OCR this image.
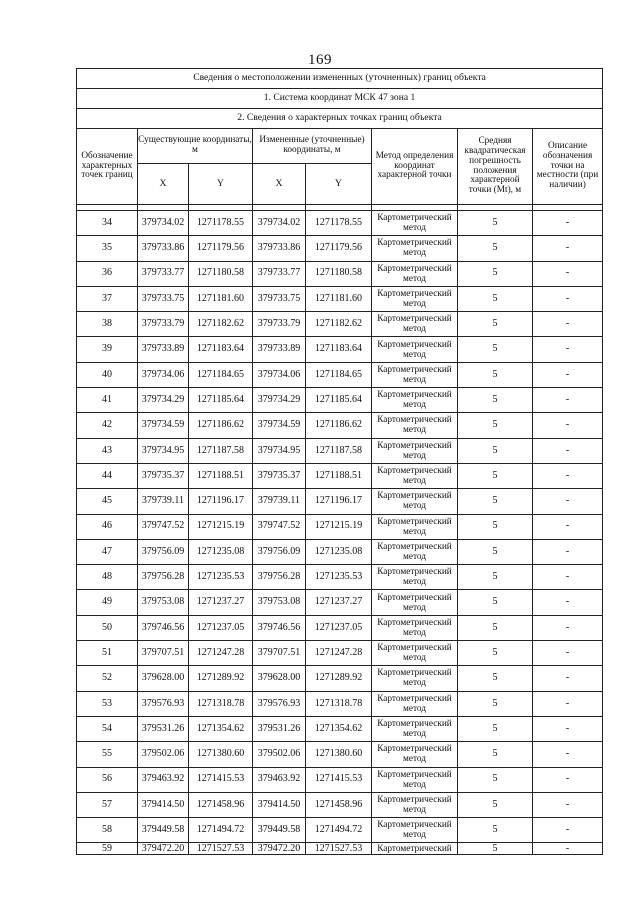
169
Сведения о местоположении измененных (уточненных) границ объекта							
1. Система координат МСК 47 зона 1							
2. Сведения о характерных точках границ объекта							
Обозначение характерных точек границ	Существующие координаты, м		Измененные (уточненные) координаты, м		Метод определения координат характерной точки	Средняя квадратическая погрешность положения характерной точки (Mt), м	Описание обозначения точки на местности (при наличии)
	X	Y	X	Y			

34	379734.02	1271178.55	379734.02	1271178.55	Картометрический метод	5	-
35	379733.86	1271179.56	379733.86	1271179.56	Картометрический метод	5	-
36	379733.77	1271180.58	379733.77	1271180.58	Картометрический метод	5	-
37	379733.75	1271181.60	379733.75	1271181.60	Картометрический метод	5	-
38	379733.79	1271182.62	379733.79	1271182.62	Картометрический метод	5	-
39	379733.89	1271183.64	379733.89	1271183.64	Картометрический метод	5	-
40	379734.06	1271184.65	379734.06	1271184.65	Картометрический метод	5	-
41	379734.29	1271185.64	379734.29	1271185.64	Картометрический метод	5	-
42	379734.59	1271186.62	379734.59	1271186.62	Картометрический метод	5	-
43	379734.95	1271187.58	379734.95	1271187.58	Картометрический метод	5	-
44	379735.37	1271188.51	379735.37	1271188.51	Картометрический метод	5	-
45	379739.11	1271196.17	379739.11	1271196.17	Картометрический метод	5	-
46	379747.52	1271215.19	379747.52	1271215.19	Картометрический метод	5	-
47	379756.09	1271235.08	379756.09	1271235.08	Картометрический метод	5	-
48	379756.28	1271235.53	379756.28	1271235.53	Картометрический метод	5	-
49	379753.08	1271237.27	379753.08	1271237.27	Картометрический метод	5	-
50	379746.56	1271237.05	379746.56	1271237.05	Картометрический метод	5	-
51	379707.51	1271247.28	379707.51	1271247.28	Картометрический метод	5	-
52	379628.00	1271289.92	379628.00	1271289.92	Картометрический метод	5	-
53	379576.93	1271318.78	379576.93	1271318.78	Картометрический метод	5	-
54	379531.26	1271354.62	379531.26	1271354.62	Картометрический метод	5	-
55	379502.06	1271380.60	379502.06	1271380.60	Картометрический метод	5	-
56	379463.92	1271415.53	379463.92	1271415.53	Картометрический метод	5	-
57	379414.50	1271458.96	379414.50	1271458.96	Картометрический метод	5	-
58	379449.58	1271494.72	379449.58	1271494.72	Картометрический метод	5	-
59	379472.20	1271527.53	379472.20	1271527.53	Картометрический	5	-
